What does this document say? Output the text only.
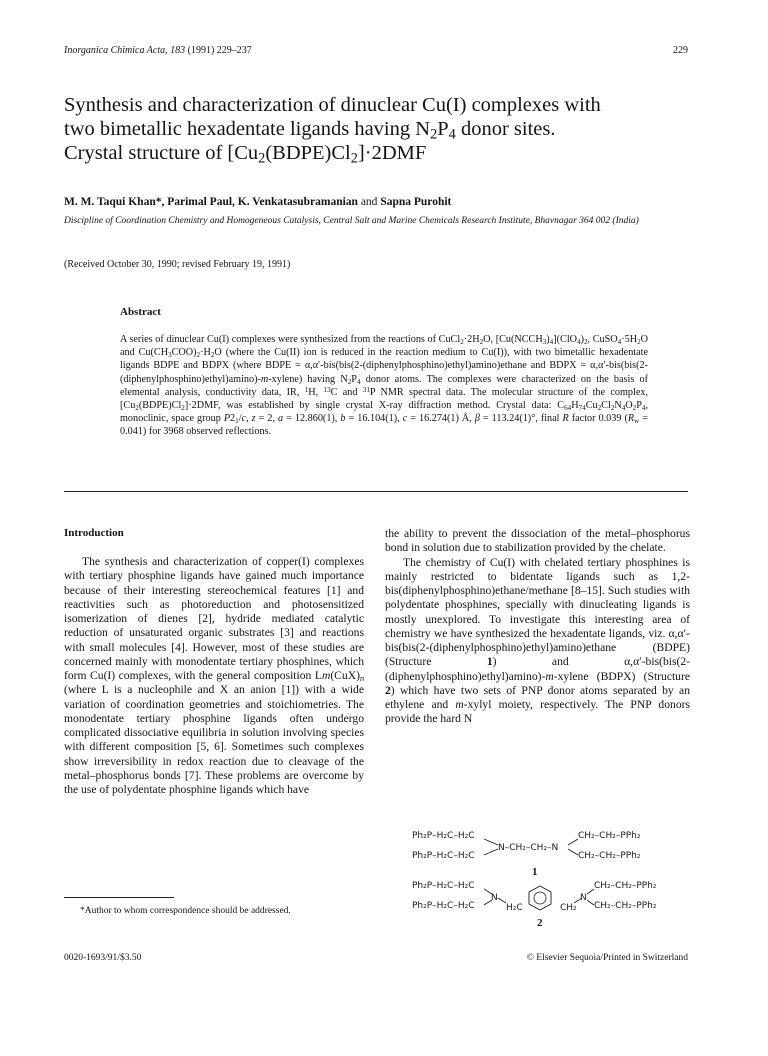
Inorganica Chimica Acta, 183 (1991) 229–237	229
Synthesis and characterization of dinuclear Cu(I) complexes with
two bimetallic hexadentate ligands having $N_2P_4$ donor sites.
Crystal structure of $[Cu_2(BDPE)Cl_2]\cdot 2DMF$
M. M. Taqui Khan*, Parimal Paul, K. Venkatasubramanian and Sapna Purohit
Discipline of Coordination Chemistry and Homogeneous Catalysis, Central Salt and Marine Chemicals Research Institute, Bhavnagar 364 002 (India)
(Received October 30, 1990; revised February 19, 1991)
Abstract
A series of dinuclear Cu(I) complexes were synthesized from the reactions of $CuCl_2\cdot 2H_2O$, $[Cu(NCCH_3)_4](ClO_4)_2$, $CuSO_4\cdot 5H_2O$ and $Cu(CH_3COO)_2\cdot H_2O$ (where the Cu(II) ion is reduced in the reaction medium to Cu(I)), with two bimetallic hexadentate ligands BDPE and BDPX (where BDPE = α,α′-bis(bis(2-(diphenylphosphino)ethyl)amino)ethane and BDPX = α,α′-bis(bis(2-(diphenylphosphino)ethyl)amino)-m-xylene) having $N_2P_4$ donor atoms. The complexes were characterized on the basis of elemental analysis, conductivity data, IR, $^1$H, $^{13}$C and $^{31}$P NMR spectral data. The molecular structure of the complex, $[Cu_2(BDPE)Cl_2]\cdot 2DMF$, was established by single crystal X-ray diffraction method. Crystal data: $C_{64}H_{74}Cu_2Cl_2N_4O_2P_4$, monoclinic, space group $P2_1/c$, z = 2, a = 12.860(1), b = 16.104(1), c = 16.274(1) Å, β = 113.24(1)°, final R factor 0.039 $(R_w = 0.041)$ for 3968 observed reflections.
Introduction

The synthesis and characterization of copper(I) complexes with tertiary phosphine ligands have gained much importance because of their interesting stereochemical features [1] and reactivities such as photoreduction and photosensitized isomerization of dienes [2], hydride mediated catalytic reduction of unsaturated organic substrates [3] and reactions with small molecules [4]. However, most of these studies are concerned mainly with monodentate tertiary phosphines, which form Cu(I) complexes, with the general composition $Lm(CuX)_n$ (where L is a nucleophile and X an anion [1]) with a wide variation of coordination geometries and stoichiometries. The monodentate tertiary phosphine ligands often undergo complicated dissociative equilibria in solution involving species with different composition [5, 6]. Sometimes such complexes show irreversibility in redox reaction due to cleavage of the metal–phosphorus bonds [7]. These problems are overcome by the use of polydentate phosphine ligands which have

the ability to prevent the dissociation of the metal–phosphorus bond in solution due to stabilization provided by the chelate.

The chemistry of Cu(I) with chelated tertiary phosphines is mainly restricted to bidentate ligands such as 1,2-bis(diphenylphosphino)ethane/methane [8–15]. Such studies with polydentate phosphines, specially with dinucleating ligands is mostly unexplored. To investigate this interesting area of chemistry we have synthesized the hexadentate ligands, viz. α,α′-bis(bis(2-(diphenylphosphino)ethyl)amino)ethane (BDPE) (Structure 1) and α,α′-bis(bis(2-(diphenylphosphino)ethyl)amino)-m-xylene (BDPX) (Structure 2) which have two sets of PNP donor atoms separated by an ethylene and m-xylyl moiety, respectively. The PNP donors provide the hard N

Ph₂P–H₂C–H₂C
Ph₂P–H₂C–H₂C
N–CH₂–CH₂–N
CH₂–CH₂–PPh₂
CH₂–CH₂–PPh₂
1
Ph₂P–H₂C–H₂C
Ph₂P–H₂C–H₂C
N
H₂C	CH₂
N
CH₂–CH₂–PPh₂
CH₂–CH₂–PPh₂
2
*Author to whom correspondence should be addressed.
0020-1693/91/$3.50	© Elsevier Sequoia/Printed in Switzerland
